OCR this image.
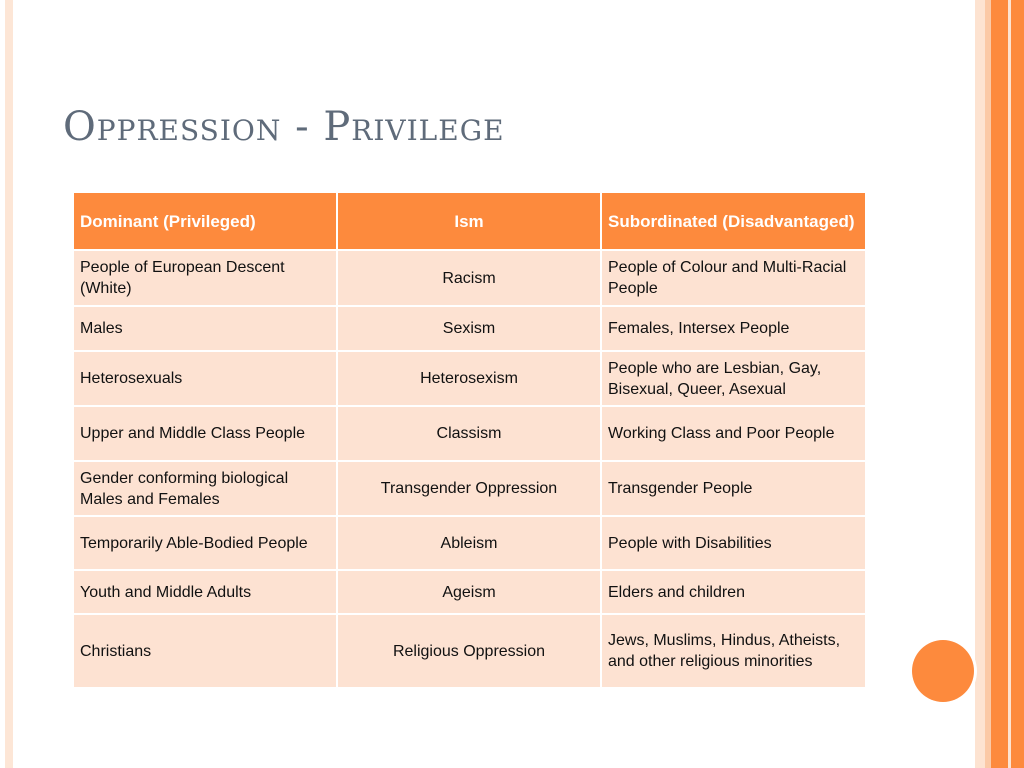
Oppression - Privilege
Dominant (Privileged)	Ism	Subordinated (Disadvantaged)
People of European Descent (White)	Racism	People of Colour and Multi-Racial People
Males	Sexism	Females, Intersex People
Heterosexuals	Heterosexism	People who are Lesbian, Gay, Bisexual, Queer, Asexual
Upper and Middle Class People	Classism	Working Class and Poor People
Gender conforming biological Males and Females	Transgender Oppression	Transgender People
Temporarily Able-Bodied People	Ableism	People with Disabilities
Youth and Middle Adults	Ageism	Elders and children
Christians	Religious Oppression	Jews, Muslims, Hindus, Atheists, and other religious minorities
